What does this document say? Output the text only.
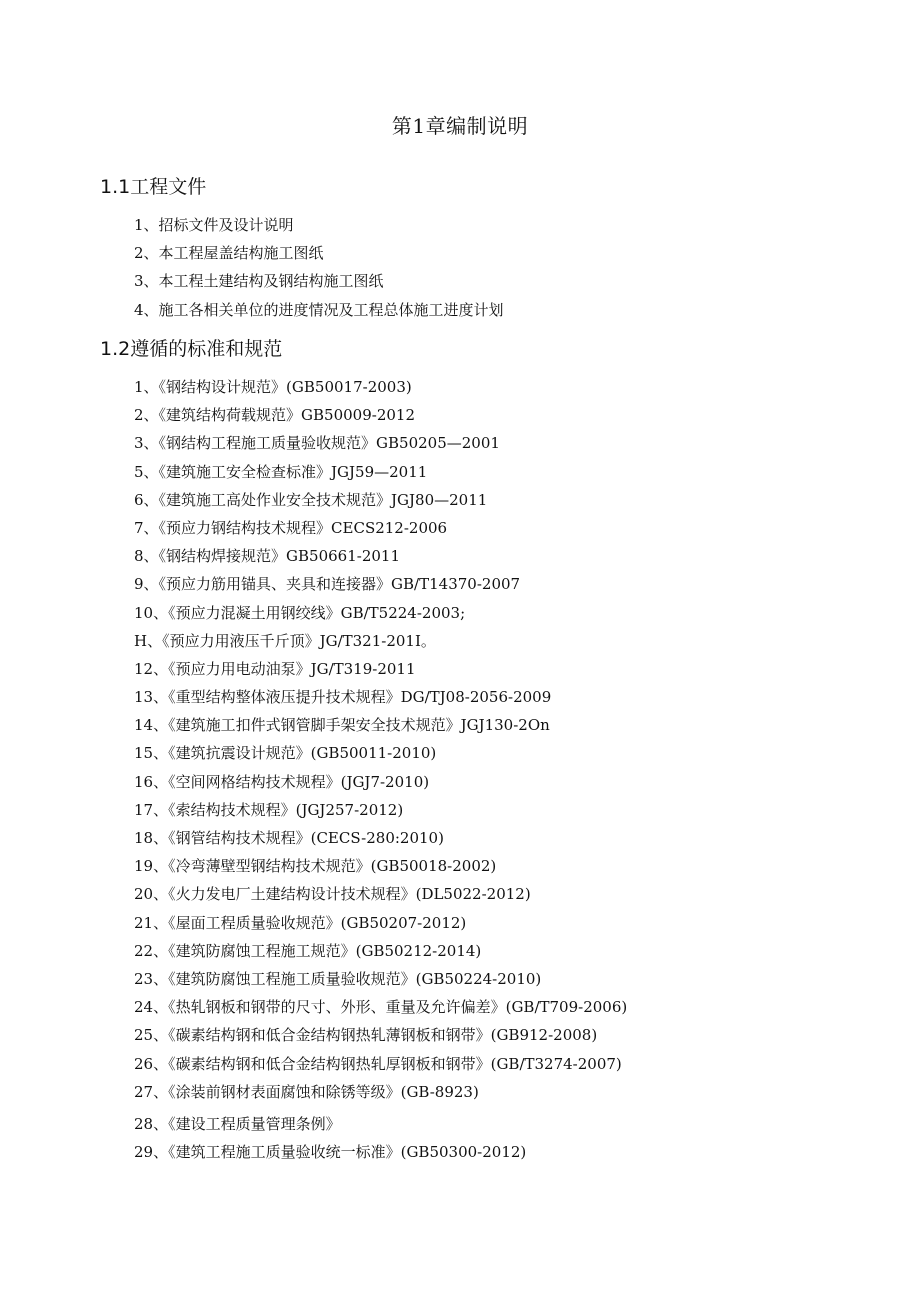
第1章编制说明
1.1工程文件
1、招标文件及设计说明
2、本工程屋盖结构施工图纸
3、本工程土建结构及钢结构施工图纸
4、施工各相关单位的进度情况及工程总体施工进度计划
1.2遵循的标准和规范
1、《钢结构设计规范》(GB50017-2003)
2、《建筑结构荷载规范》GB50009-2012
3、《钢结构工程施工质量验收规范》GB50205—2001
5、《建筑施工安全检查标准》JGJ59—2011
6、《建筑施工高处作业安全技术规范》JGJ80—2011
7、《预应力钢结构技术规程》CECS212-2006
8、《钢结构焊接规范》GB50661-2011
9、《预应力筋用锚具、夹具和连接器》GB/T14370-2007
10、《预应力混凝土用钢绞线》GB/T5224-2003;
H、《预应力用液压千斤顶》JG/T321-201I。
12、《预应力用电动油泵》JG/T319-2011
13、《重型结构整体液压提升技术规程》DG/TJ08-2056-2009
14、《建筑施工扣件式钢管脚手架安全技术规范》JGJ130-2On
15、《建筑抗震设计规范》(GB50011-2010)
16、《空间网格结构技术规程》(JGJ7-2010)
17、《索结构技术规程》(JGJ257-2012)
18、《钢管结构技术规程》(CECS-280:2010)
19、《冷弯薄壁型钢结构技术规范》(GB50018-2002)
20、《火力发电厂土建结构设计技术规程》(DL5022-2012)
21、《屋面工程质量验收规范》(GB50207-2012)
22、《建筑防腐蚀工程施工规范》(GB50212-2014)
23、《建筑防腐蚀工程施工质量验收规范》(GB50224-2010)
24、《热轧钢板和钢带的尺寸、外形、重量及允许偏差》(GB/T709-2006)
25、《碳素结构钢和低合金结构钢热轧薄钢板和钢带》(GB912-2008)
26、《碳素结构钢和低合金结构钢热轧厚钢板和钢带》(GB/T3274-2007)
27、《涂装前钢材表面腐蚀和除锈等级》(GB-8923)
28、《建设工程质量管理条例》
29、《建筑工程施工质量验收统一标准》(GB50300-2012)
